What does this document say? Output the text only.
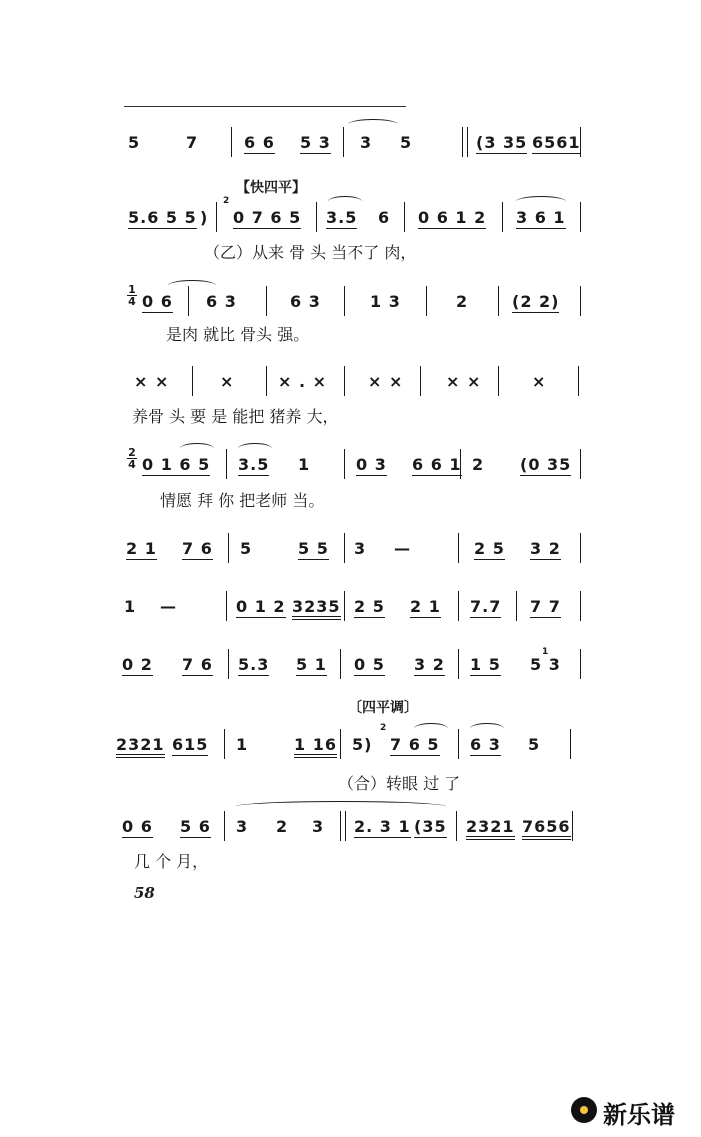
5	7	6 6 5 3 3 5	(3 35 6561
【快四平】
5.6 5 5 )
2
0 7 6 5 3.5 6 0 6 1 2 3 6 1
（乙）从来 骨 头 当不了 肉，
$\frac{1}{4} 0$ 6 6 3	6 3	1 3	2	(2 2)
是肉 就比 骨头 强。
× ×	×	× . ×	× ×	× ×	×
养骨 头 要 是 能把 猪养 大，
$\frac{2}{4} 0$ 1 6 5 3.5 1	0 3 6 6 1 2 (0 35
情愿 拜 你 把老师 当。
2 1 7 6 5	5 5 3 —	2 5 3 2
1 —	0 1 2 3235 2 5 2 1 7.7 7 7
0 2 7 6 5.3 5 1 0 5 3 2 1 5
1
5 3
〔四平调〕
2321 615 1	1 16 5)
2
7 6 5 6 3 5
（合）转眼 过 了
0 6 5 6 3 2 3 2. 3 1 (35 2321 7656
几 个 月，
58
新乐谱
